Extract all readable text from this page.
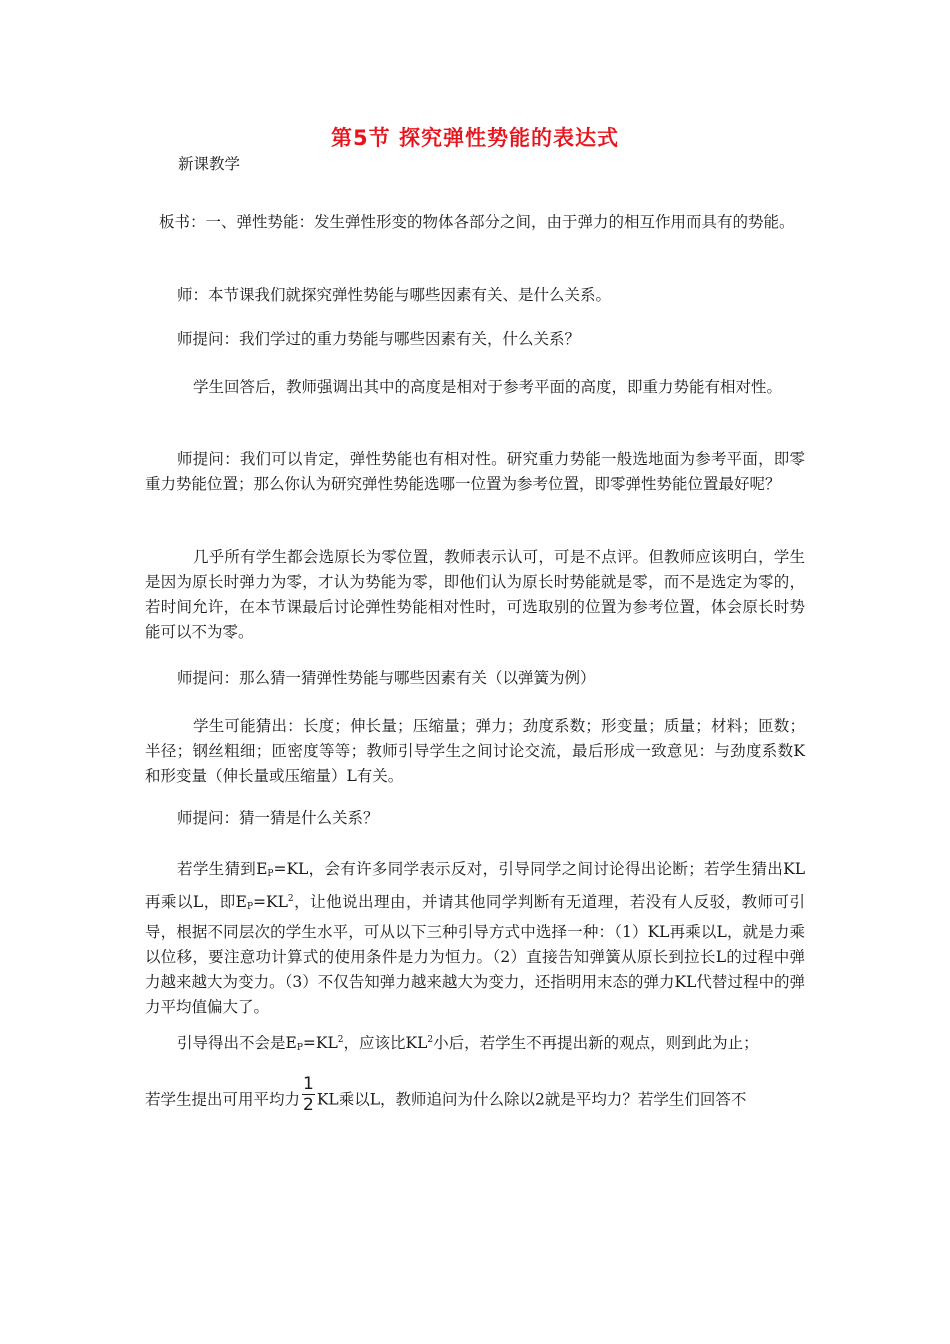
第5节 探究弹性势能的表达式

新课教学

板书：一、弹性势能：发生弹性形变的物体各部分之间，由于弹力的相互作用而具有的势能。

师：本节课我们就探究弹性势能与哪些因素有关、是什么关系。

师提问：我们学过的重力势能与哪些因素有关，什么关系？

学生回答后，教师强调出其中的高度是相对于参考平面的高度，即重力势能有相对性。

师提问：我们可以肯定，弹性势能也有相对性。研究重力势能一般选地面为参考平面，即零重力势能位置；那么你认为研究弹性势能选哪一位置为参考位置，即零弹性势能位置最好呢？

几乎所有学生都会选原长为零位置，教师表示认可，可是不点评。但教师应该明白，学生是因为原长时弹力为零，才认为势能为零，即他们认为原长时势能就是零，而不是选定为零的，若时间允许，在本节课最后讨论弹性势能相对性时，可选取别的位置为参考位置，体会原长时势能可以不为零。

师提问：那么猜一猜弹性势能与哪些因素有关（以弹簧为例）

学生可能猜出：长度；伸长量；压缩量；弹力；劲度系数；形变量；质量；材料；匝数；半径；钢丝粗细；匝密度等等；教师引导学生之间讨论交流，最后形成一致意见：与劲度系数K和形变量（伸长量或压缩量）L有关。

师提问：猜一猜是什么关系？

若学生猜到$E_P=KL$，会有许多同学表示反对，引导同学之间讨论得出论断；若学生猜出KL再乘以L，即$E_P=KL^2$，让他说出理由，并请其他同学判断有无道理，若没有人反驳，教师可引导，根据不同层次的学生水平，可从以下三种引导方式中选择一种：（1）KL再乘以L，就是力乘以位移，要注意功计算式的使用条件是力为恒力。（2）直接告知弹簧从原长到拉长L的过程中弹力越来越大为变力。（3）不仅告知弹力越来越大为变力，还指明用末态的弹力KL代替过程中的弹力平均值偏大了。

引导得出不会是$E_P=KL^2$，应该比$KL^2$小后，若学生不再提出新的观点，则到此为止；

若学生提出可用平均力 $\frac{1}{2}$ KL乘以L，教师追问为什么除以2就是平均力？若学生们回答不
